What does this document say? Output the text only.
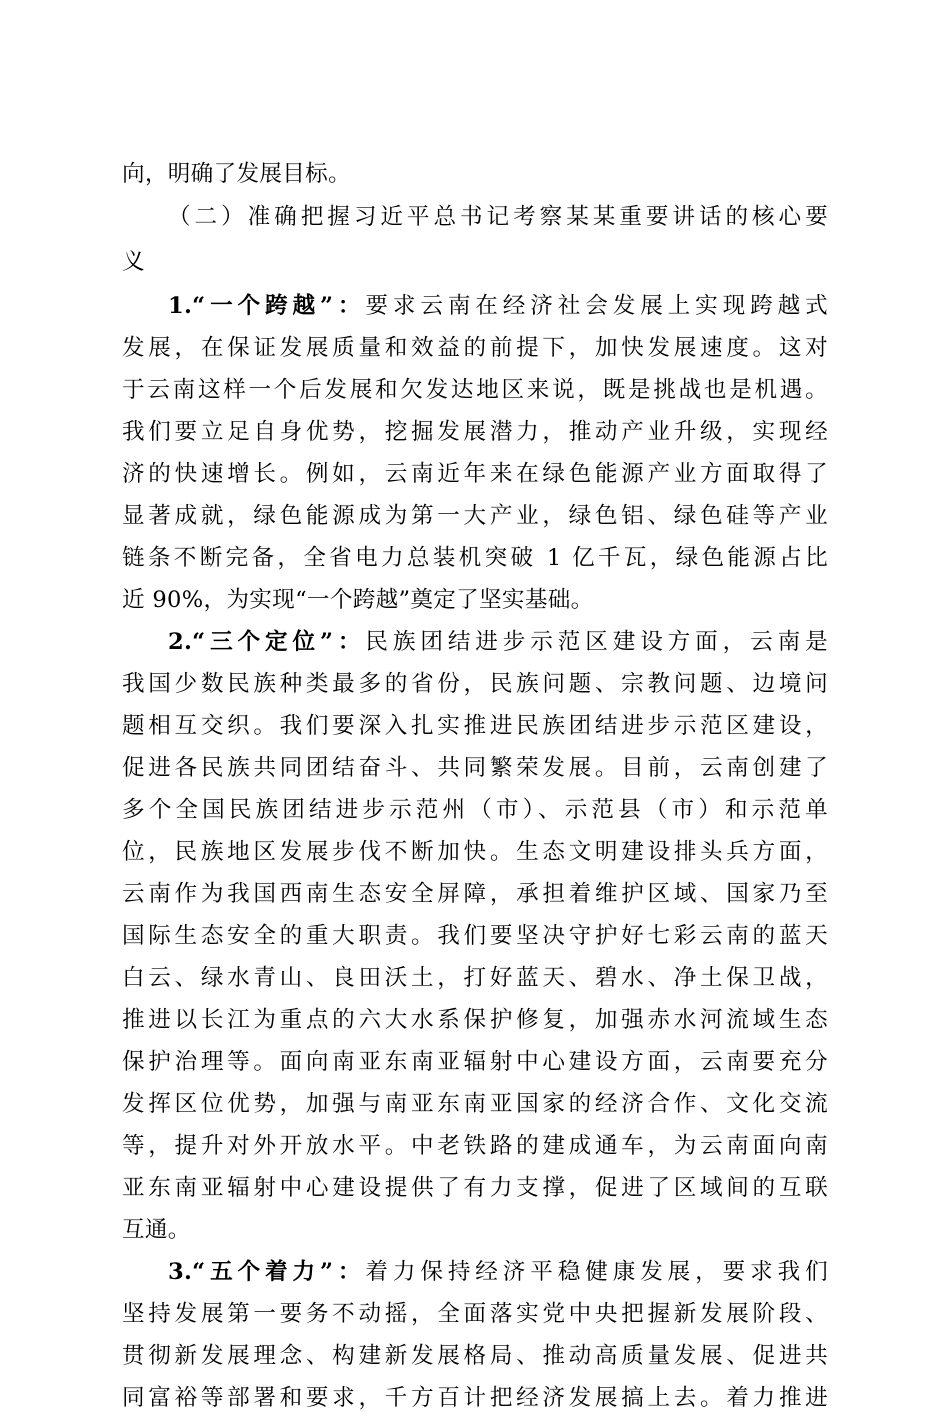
向，明确了发展目标。
（二）准确把握习近平总书记考察某某重要讲话的核心要
义
1.“一个跨越”：要求云南在经济社会发展上实现跨越式
发展，在保证发展质量和效益的前提下，加快发展速度。这对
于云南这样一个后发展和欠发达地区来说，既是挑战也是机遇。
我们要立足自身优势，挖掘发展潜力，推动产业升级，实现经
济的快速增长。例如，云南近年来在绿色能源产业方面取得了
显著成就，绿色能源成为第一大产业，绿色铝、绿色硅等产业
链条不断完备，全省电力总装机突破 1 亿千瓦，绿色能源占比
近 90%，为实现“一个跨越”奠定了坚实基础。
2.“三个定位”：民族团结进步示范区建设方面，云南是
我国少数民族种类最多的省份，民族问题、宗教问题、边境问
题相互交织。我们要深入扎实推进民族团结进步示范区建设，
促进各民族共同团结奋斗、共同繁荣发展。目前，云南创建了
多个全国民族团结进步示范州（市）、示范县（市）和示范单
位，民族地区发展步伐不断加快。生态文明建设排头兵方面，
云南作为我国西南生态安全屏障，承担着维护区域、国家乃至
国际生态安全的重大职责。我们要坚决守护好七彩云南的蓝天
白云、绿水青山、良田沃土，打好蓝天、碧水、净土保卫战，
推进以长江为重点的六大水系保护修复，加强赤水河流域生态
保护治理等。面向南亚东南亚辐射中心建设方面，云南要充分
发挥区位优势，加强与南亚东南亚国家的经济合作、文化交流
等，提升对外开放水平。中老铁路的建成通车，为云南面向南
亚东南亚辐射中心建设提供了有力支撑，促进了区域间的互联
互通。
3.“五个着力”：着力保持经济平稳健康发展，要求我们
坚持发展第一要务不动摇，全面落实党中央把握新发展阶段、
贯彻新发展理念、构建新发展格局、推动高质量发展、促进共
同富裕等部署和要求，千方百计把经济发展搞上去。着力推进
